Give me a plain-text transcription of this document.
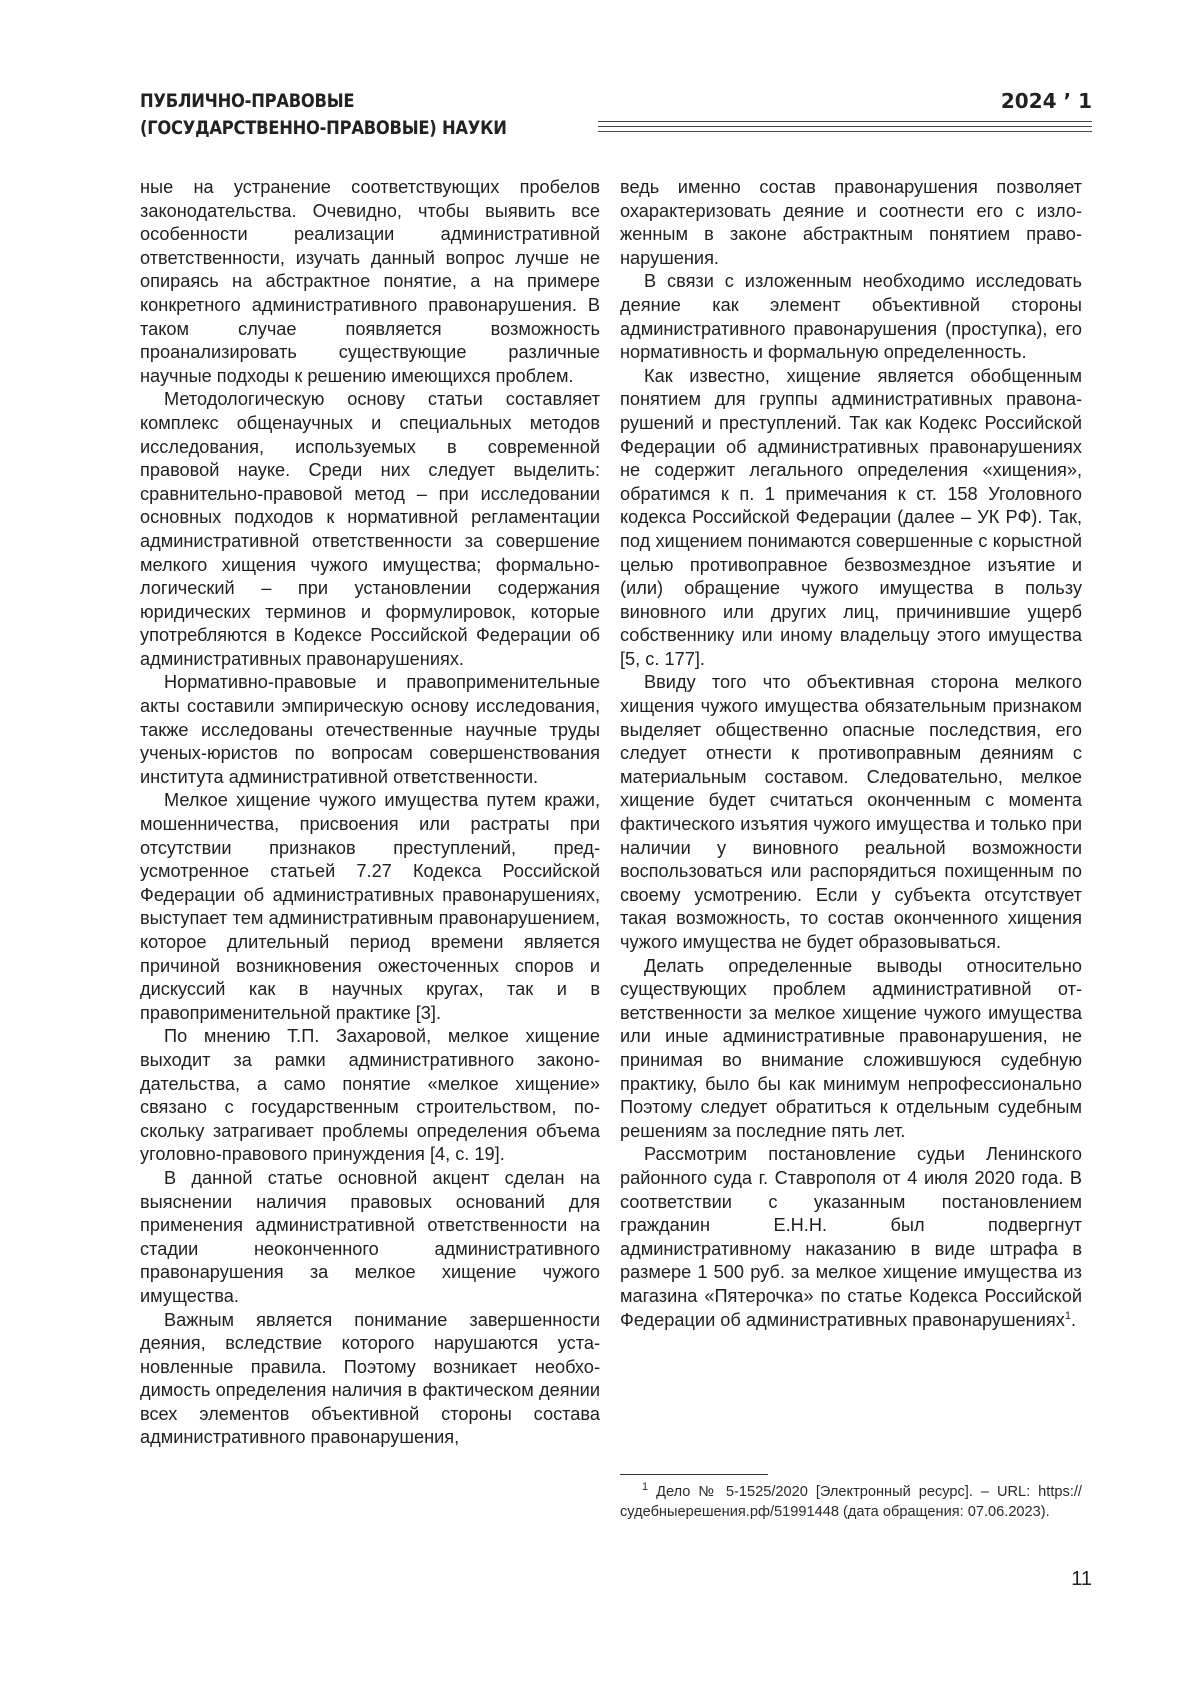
ПУБЛИЧНО-ПРАВОВЫЕ
(ГОСУДАРСТВЕННО-ПРАВОВЫЕ) НАУКИ
2024 ’ 1

ные на устранение соответствующих пробелов законодательства. Очевидно, чтобы выявить все особенности реализации административной ответственности, изучать данный вопрос лучше не опираясь на абстрактное понятие, а на примере конкретного административного правонарушения. В таком случае появляется возможность проанализировать существующие различные научные подходы к решению имеющихся проблем.

Методологическую основу статьи составляет комплекс общенаучных и специальных методов исследования, используемых в современной правовой науке. Среди них следует выделить: сравнительно-правовой метод – при исследовании основных подходов к нормативной регламентации административной ответственности за совершение мелкого хищения чужого имущества; формально-логический – при установлении содержания юридических терминов и формулировок, которые употребляются в Кодексе Российской Федерации об административных правонарушениях.

Нормативно-правовые и правоприменительные акты составили эмпирическую основу исследования, также исследованы отечественные научные труды ученых-юристов по вопросам совершенствования института административной ответственности.

Мелкое хищение чужого имущества путем кражи, мошенничества, присвоения или растраты при отсутствии признаков преступлений, предусмотренное статьей 7.27 Кодекса Российской Федерации об административных правонарушениях, выступает тем административным правонарушением, которое длительный период времени является причиной возникновения ожесточенных споров и дискуссий как в научных кругах, так и в правоприменительной практике [3].

По мнению Т.П. Захаровой, мелкое хищение выходит за рамки административного законодательства, а само понятие «мелкое хищение» связано с государственным строительством, поскольку затрагивает проблемы определения объема уголовно-правового принуждения [4, с. 19].

В данной статье основной акцент сделан на выяснении наличия правовых оснований для применения административной ответственности на стадии неоконченного административного правонарушения за мелкое хищение чужого имущества.

Важным является понимание завершенности деяния, вследствие которого нарушаются установленные правила. Поэтому возникает необходимость определения наличия в фактическом деянии всех элементов объективной стороны состава административного правонарушения,

ведь именно состав правонарушения позволяет охарактеризовать деяние и соотнести его с изложенным в законе абстрактным понятием правонарушения.

В связи с изложенным необходимо исследовать деяние как элемент объективной стороны административного правонарушения (проступка), его нормативность и формальную определенность.

Как известно, хищение является обобщенным понятием для группы административных правонарушений и преступлений. Так как Кодекс Российской Федерации об административных правонарушениях не содержит легального определения «хищения», обратимся к п. 1 примечания к ст. 158 Уголовного кодекса Российской Федерации (далее – УК РФ). Так, под хищением понимаются совершенные с корыстной целью противоправное безвозмездное изъятие и (или) обращение чужого имущества в пользу виновного или других лиц, причинившие ущерб собственнику или иному владельцу этого имущества [5, с. 177].

Ввиду того что объективная сторона мелкого хищения чужого имущества обязательным признаком выделяет общественно опасные последствия, его следует отнести к противоправным деяниям с материальным составом. Следовательно, мелкое хищение будет считаться оконченным с момента фактического изъятия чужого имущества и только при наличии у виновного реальной возможности воспользоваться или распорядиться похищенным по своему усмотрению. Если у субъекта отсутствует такая возможность, то состав оконченного хищения чужого имущества не будет образовываться.

Делать определенные выводы относительно существующих проблем административной ответственности за мелкое хищение чужого имущества или иные административные правонарушения, не принимая во внимание сложившуюся судебную практику, было бы как минимум непрофессионально Поэтому следует обратиться к отдельным судебным решениям за последние пять лет.

Рассмотрим постановление судьи Ленинского районного суда г. Ставрополя от 4 июля 2020 года. В соответствии с указанным постановлением гражданин Е.Н.Н. был подвергнут административному наказанию в виде штрафа в размере 1 500 руб. за мелкое хищение имущества из магазина «Пятерочка» по статье Кодекса Российской Федерации об административных правонарушениях$^1$.

$^1$ Дело № 5-1525/2020 [Электронный ресурс]. – URL: https://судебныерешения.рф/51991448 (дата обращения: 07.06.2023).
11
